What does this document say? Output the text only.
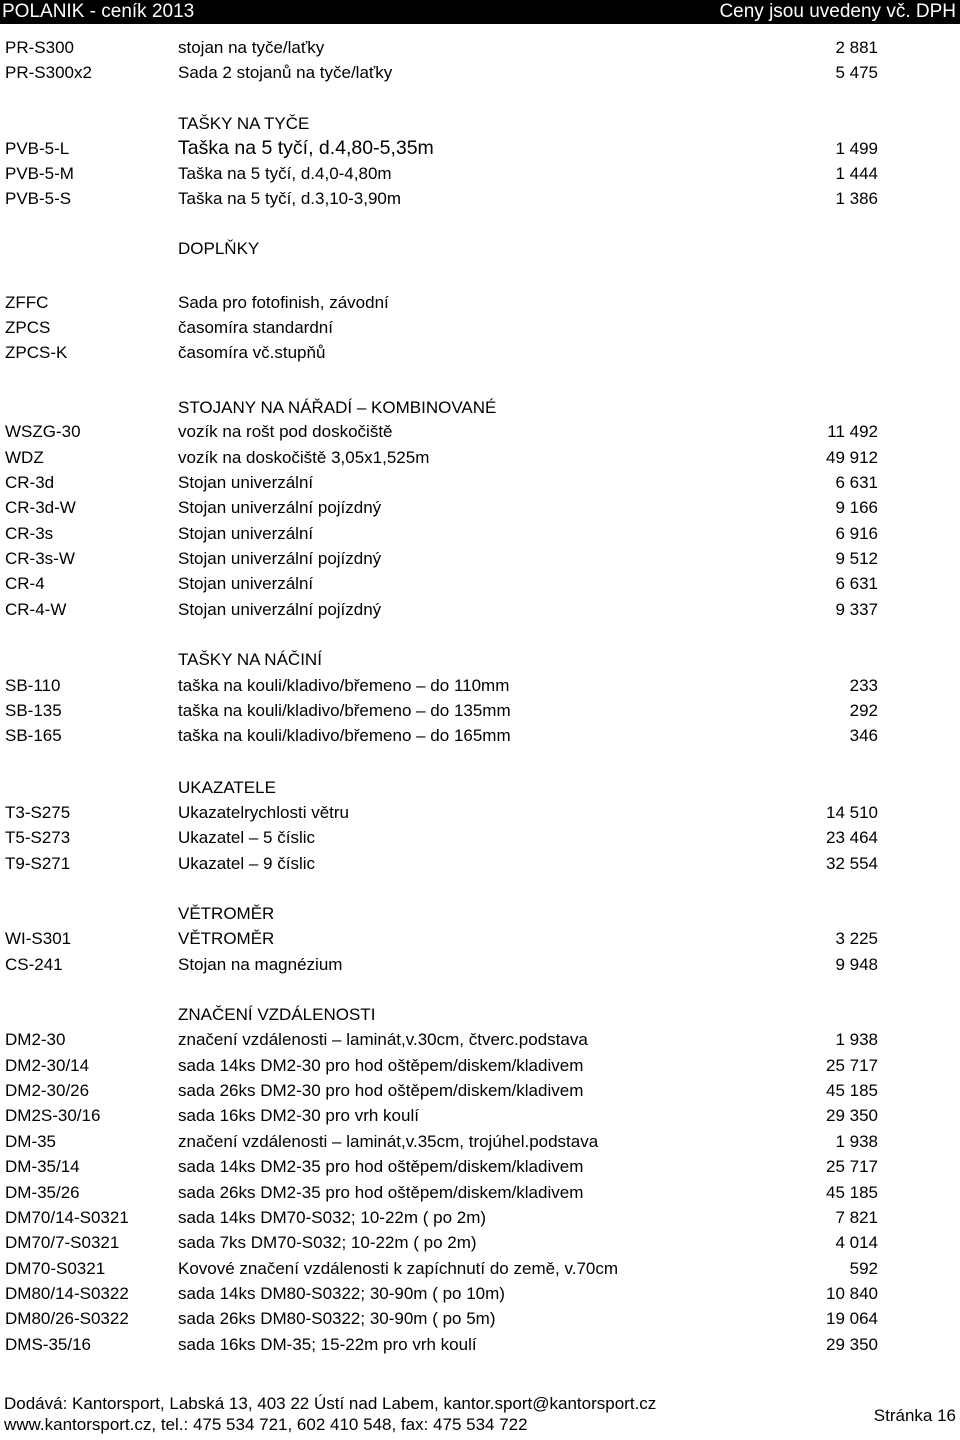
POLANIK - ceník 2013	Ceny jsou uvedeny vč. DPH
PR-S300	stojan na tyče/laťky	2 881
PR-S300x2	Sada 2 stojanů na tyče/laťky	5 475
TAŠKY NA TYČE
PVB-5-L	Taška na 5 tyčí, d.4,80-5,35m	1 499
PVB-5-M	Taška na 5 tyčí, d.4,0-4,80m	1 444
PVB-5-S	Taška na 5 tyčí, d.3,10-3,90m	1 386
DOPLŇKY
ZFFC	Sada pro fotofinish, závodní
ZPCS	časomíra standardní
ZPCS-K	časomíra vč.stupňů
STOJANY NA NÁŘADÍ – KOMBINOVANÉ
WSZG-30	vozík na rošt pod doskočiště	11 492
WDZ	vozík na doskočiště 3,05x1,525m	49 912
CR-3d	Stojan univerzální	6 631
CR-3d-W	Stojan univerzální pojízdný	9 166
CR-3s	Stojan univerzální	6 916
CR-3s-W	Stojan univerzální pojízdný	9 512
CR-4	Stojan univerzální	6 631
CR-4-W	Stojan univerzální pojízdný	9 337
TAŠKY NA NÁČINÍ
SB-110	taška na kouli/kladivo/břemeno – do 110mm	233
SB-135	taška na kouli/kladivo/břemeno – do 135mm	292
SB-165	taška na kouli/kladivo/břemeno – do 165mm	346
UKAZATELE
T3-S275	Ukazatelrychlosti větru	14 510
T5-S273	Ukazatel – 5 číslic	23 464
T9-S271	Ukazatel – 9 číslic	32 554
VĚTROMĚR
WI-S301	VĚTROMĚR	3 225
CS-241	Stojan na magnézium	9 948
ZNAČENÍ VZDÁLENOSTI
DM2-30	značení vzdálenosti – laminát,v.30cm, čtverc.podstava	1 938
DM2-30/14	sada 14ks DM2-30 pro hod oštěpem/diskem/kladivem	25 717
DM2-30/26	sada 26ks DM2-30 pro hod oštěpem/diskem/kladivem	45 185
DM2S-30/16	sada 16ks DM2-30 pro vrh koulí	29 350
DM-35	značení vzdálenosti – laminát,v.35cm, trojúhel.podstava	1 938
DM-35/14	sada 14ks DM2-35 pro hod oštěpem/diskem/kladivem	25 717
DM-35/26	sada 26ks DM2-35 pro hod oštěpem/diskem/kladivem	45 185
DM70/14-S0321	sada 14ks DM70-S032; 10-22m ( po 2m)	7 821
DM70/7-S0321	sada 7ks DM70-S032; 10-22m ( po 2m)	4 014
DM70-S0321	Kovové značení vzdálenosti k zapíchnutí do země, v.70cm	592
DM80/14-S0322	sada 14ks DM80-S0322; 30-90m ( po 10m)	10 840
DM80/26-S0322	sada 26ks DM80-S0322; 30-90m ( po 5m)	19 064
DMS-35/16	sada 16ks DM-35; 15-22m pro vrh koulí	29 350
Dodává: Kantorsport, Labská 13, 403 22 Ústí nad Labem, kantor.sport@kantorsport.cz
www.kantorsport.cz, tel.: 475 534 721, 602 410 548, fax: 475 534 722	Stránka 16
